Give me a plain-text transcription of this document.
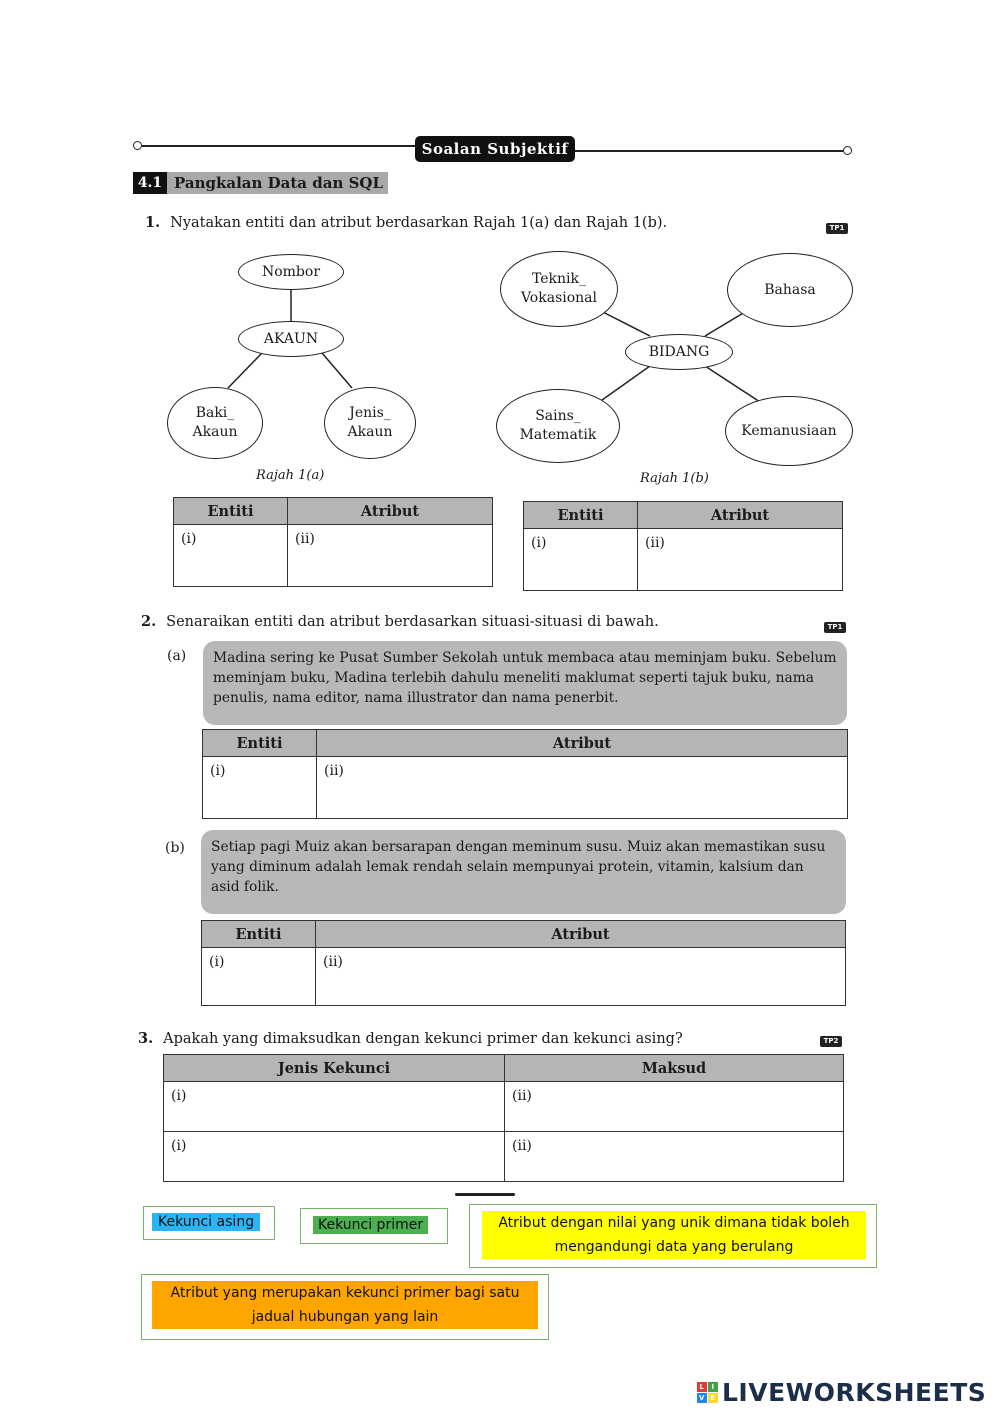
Soalan Subjektif
4.1 Pangkalan Data dan SQL
1. Nyatakan entiti dan atribut berdasarkan Rajah 1(a) dan Rajah 1(b).	TP1
Nombor
AKAUN
Baki_
Akaun
Jenis_
Akaun
Rajah 1(a)
Teknik_
Vokasional
Bahasa
BIDANG
Sains_
Matematik	Kemanusiaan
Rajah 1(b)
Entiti	Atribut
(i)	(ii)
Entiti	Atribut
(i)	(ii)
2. Senaraikan entiti dan atribut berdasarkan situasi-situasi di bawah.	TP1
(a)	Madina sering ke Pusat Sumber Sekolah untuk membaca atau meminjam buku. Sebelum meminjam buku, Madina terlebih dahulu meneliti maklumat seperti tajuk buku, nama penulis, nama editor, nama illustrator dan nama penerbit.
Entiti	Atribut
(i)	(ii)
(b)	Setiap pagi Muiz akan bersarapan dengan meminum susu. Muiz akan memastikan susu yang diminum adalah lemak rendah selain mempunyai protein, vitamin, kalsium dan asid folik.
Entiti	Atribut
(i)	(ii)
3. Apakah yang dimaksudkan dengan kekunci primer dan kekunci asing?	TP2
Jenis Kekunci	Maksud
(i)	(ii)
(i)	(ii)
Kekunci asing	Kekunci primer	Atribut dengan nilai yang unik dimana tidak boleh mengandungi data yang berulang
Atribut yang merupakan kekunci primer bagi satu jadual hubungan yang lain
L I
V E LIVEWORKSHEETS
